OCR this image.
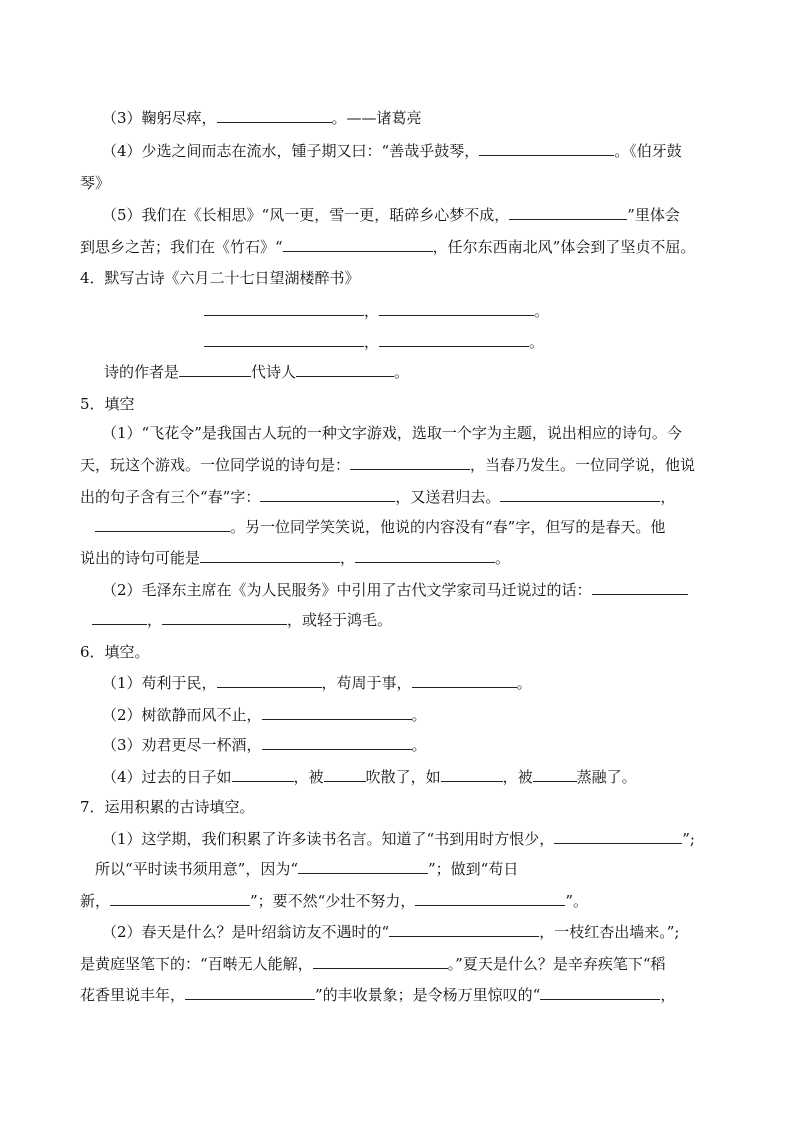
（3）鞠躬尽瘁，	。——诸葛亮
（4）少选之间而志在流水，锺子期又曰：“善哉乎鼓琴，	。《伯牙鼓
琴》
（5）我们在《长相思》“风一更，雪一更，聒碎乡心梦不成，	”里体会
到思乡之苦；我们在《竹石》“	，任尔东西南北风”体会到了坚贞不屈。
4．默写古诗《六月二十七日望湖楼醉书》
，	。
，	。
诗的作者是	代诗人	。
5．填空
（1）“飞花令”是我国古人玩的一种文字游戏，选取一个字为主题，说出相应的诗句。今
天，玩这个游戏。一位同学说的诗句是：	，当春乃发生。一位同学说，他说
出的句子含有三个“春”字：	，又送君归去。	，
。另一位同学笑笑说，他说的内容没有“春”字，但写的是春天。他
说出的诗句可能是	，	。
（2）毛泽东主席在《为人民服务》中引用了古代文学家司马迁说过的话：
，	，或轻于鸿毛。
6．填空。
（1）苟利于民，	，苟周于事，	。
（2）树欲静而风不止，	。
（3）劝君更尽一杯酒，	。
（4）过去的日子如	，被	吹散了，如	，被	蒸融了。
7．运用积累的古诗填空。
（1）这学期，我们积累了许多读书名言。知道了“书到用时方恨少，	”;
所以“平时读书须用意”，因为“	”；做到“苟日
新，	”；要不然“少壮不努力，	”。
（2）春天是什么？是叶绍翁访友不遇时的“	，一枝红杏出墙来。”;
是黄庭坚笔下的：“百啭无人能解，	。”夏天是什么？是辛弃疾笔下“稻
花香里说丰年，	”的丰收景象；是令杨万里惊叹的“	，
